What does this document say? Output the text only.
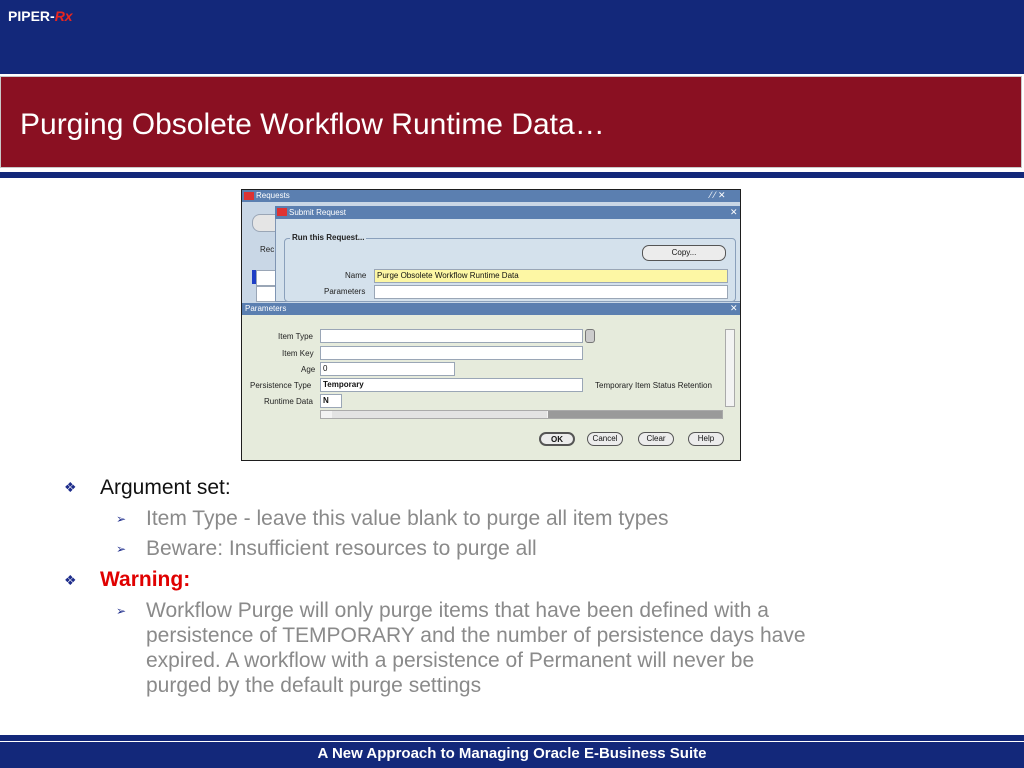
PIPER-Rx
Purging Obsolete Workflow Runtime Data…
Requests	⁄ ⁄ ✕
Rec
Submit Request	✕
Run this Request...
Copy...
Name	Purge Obsolete Workflow Runtime Data
Parameters
Parameters	✕
Item Type
Item Key
Age 0
Persistence Type	Temporary	Temporary Item Status Retention
Runtime Data	N
OK	Cancel	Clear	Help
❖ Argument set:
➢ Item Type - leave this value blank to purge all item types
➢ Beware: Insufficient resources to purge all
❖ Warning:
➢ Workflow Purge will only purge items that have been defined with a
persistence of TEMPORARY and the number of persistence days have
expired. A workflow with a persistence of Permanent will never be
purged by the default purge settings
A New Approach to Managing Oracle E-Business Suite
